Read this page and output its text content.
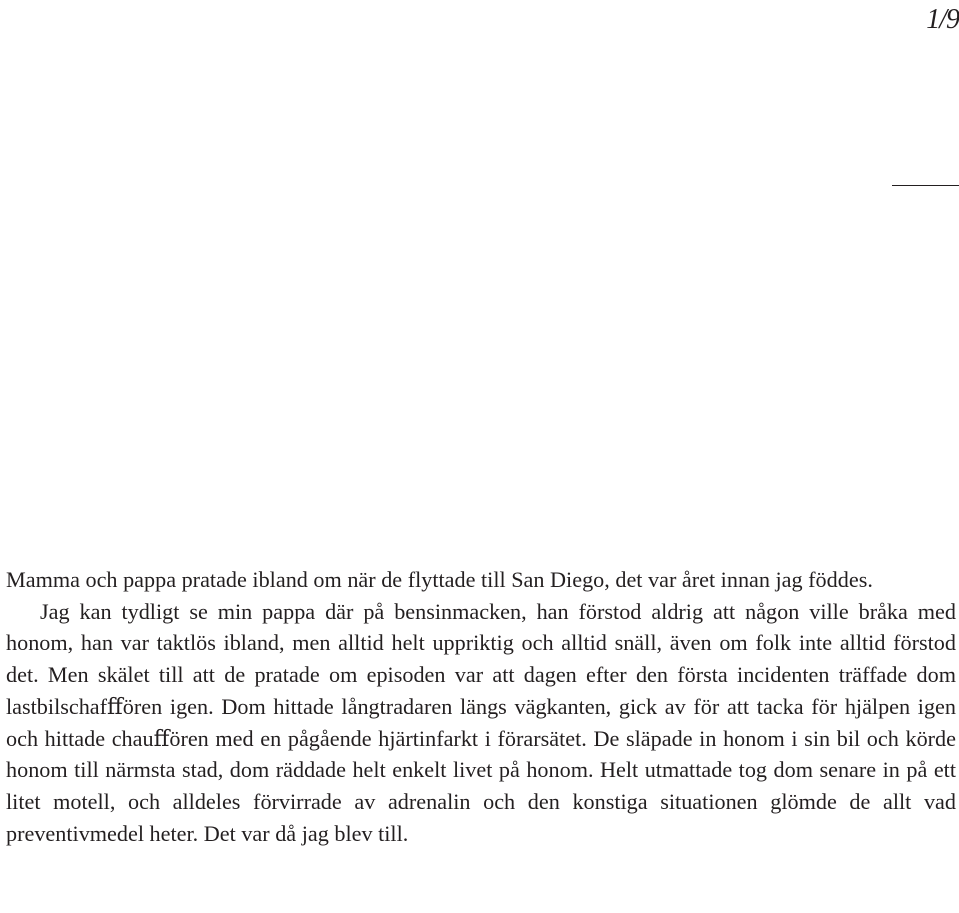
1/9

Mamma och pappa pratade ibland om när de flyttade till San Diego, det var året innan jag föddes.

Jag kan tydligt se min pappa där på bensinmacken, han förstod aldrig att någon ville bråka med honom, han var taktlös ibland, men alltid helt uppriktig och alltid snäll, även om folk inte alltid förstod det. Men skälet till att de pratade om episoden var att dagen efter den första incidenten träffade dom lastbilschafﬀören igen. Dom hittade långtradaren längs vägkanten, gick av för att tacka för hjälpen igen och hittade chauﬀören med en pågående hjärtinfarkt i förarsätet. De släpade in honom i sin bil och körde honom till närmsta stad, dom räddade helt enkelt livet på honom. Helt utmattade tog dom senare in på ett litet motell, och alldeles förvirrade av adrenalin och den konstiga situationen glömde de allt vad preventivmedel heter. Det var då jag blev till.
